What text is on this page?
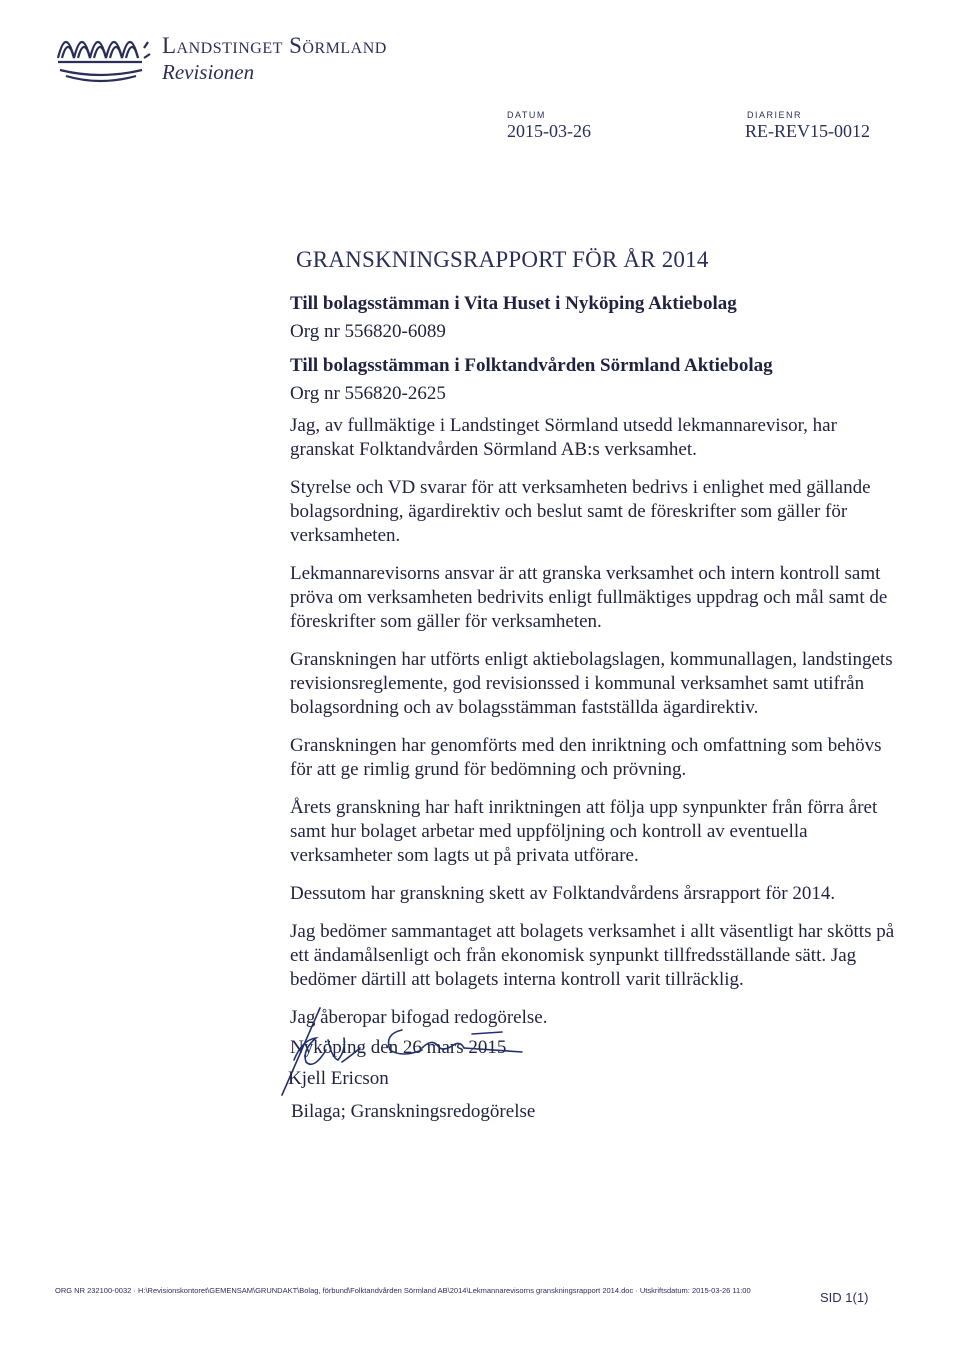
Landstinget Sörmland
Revisionen
DATUM
2015-03-26
DIARIENR
RE-REV15-0012
GRANSKNINGSRAPPORT FÖR ÅR 2014

Till bolagsstämman i Vita Huset i Nyköping Aktiebolag

Org nr 556820-6089

Till bolagsstämman i Folktandvården Sörmland Aktiebolag

Org nr 556820-2625

Jag, av fullmäktige i Landstinget Sörmland utsedd lekmannarevisor, har granskat Folktandvården Sörmland AB:s verksamhet.

Styrelse och VD svarar för att verksamheten bedrivs i enlighet med gällande bolagsordning, ägardirektiv och beslut samt de föreskrifter som gäller för verksamheten.

Lekmannarevisorns ansvar är att granska verksamhet och intern kontroll samt pröva om verksamheten bedrivits enligt fullmäktiges uppdrag och mål samt de föreskrifter som gäller för verksamheten.

Granskningen har utförts enligt aktiebolagslagen, kommunallagen, landstingets revisionsreglemente, god revisionssed i kommunal verksamhet samt utifrån bolagsordning och av bolagsstämman fastställda ägardirektiv.

Granskningen har genomförts med den inriktning och omfattning som behövs för att ge rimlig grund för bedömning och prövning.

Årets granskning har haft inriktningen att följa upp synpunkter från förra året samt hur bolaget arbetar med uppföljning och kontroll av eventuella verksamheter som lagts ut på privata utförare.

Dessutom har granskning skett av Folktandvårdens årsrapport för 2014.

Jag bedömer sammantaget att bolagets verksamhet i allt väsentligt har skötts på ett ändamålsenligt och från ekonomisk synpunkt tillfredsställande sätt. Jag bedömer därtill att bolagets interna kontroll varit tillräcklig.

Jag åberopar bifogad redogörelse.

Nyköping den 26 mars 2015

Kjell Ericson
Bilaga; Granskningsredogörelse
ORG NR 232100-0032 · H:\Revisionskontoret\GEMENSAM\GRUNDAKT\Bolag, förbund\Folktandvården Sörmland AB\2014\Lekmannarevisorns granskningsrapport 2014.doc · Utskriftsdatum: 2015-03-26 11:00	SID 1(1)
